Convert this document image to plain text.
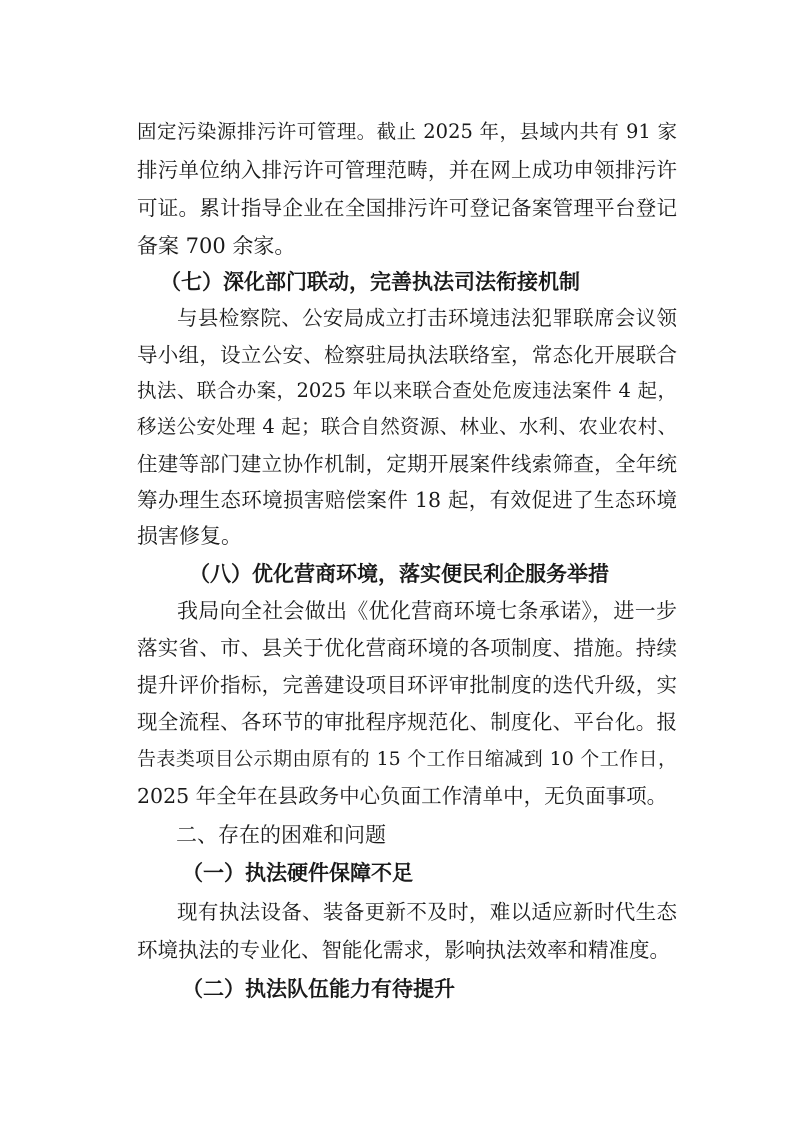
固定污染源排污许可管理。截止 2025 年，县域内共有 91 家
排污单位纳入排污许可管理范畴，并在网上成功申领排污许
可证。累计指导企业在全国排污许可登记备案管理平台登记
备案 700 余家。
（七）深化部门联动，完善执法司法衔接机制
与县检察院、公安局成立打击环境违法犯罪联席会议领
导小组，设立公安、检察驻局执法联络室，常态化开展联合
执法、联合办案，2025 年以来联合查处危废违法案件 4 起，
移送公安处理 4 起；联合自然资源、林业、水利、农业农村、
住建等部门建立协作机制，定期开展案件线索筛查，全年统
筹办理生态环境损害赔偿案件 18 起，有效促进了生态环境
损害修复。
（八）优化营商环境，落实便民利企服务举措
我局向全社会做出《优化营商环境七条承诺》，进一步
落实省、市、县关于优化营商环境的各项制度、措施。持续
提升评价指标，完善建设项目环评审批制度的迭代升级，实
现全流程、各环节的审批程序规范化、制度化、平台化。报
告表类项目公示期由原有的 15 个工作日缩减到 10 个工作日，
2025 年全年在县政务中心负面工作清单中，无负面事项。
二、存在的困难和问题
（一）执法硬件保障不足
现有执法设备、装备更新不及时，难以适应新时代生态
环境执法的专业化、智能化需求，影响执法效率和精准度。
（二）执法队伍能力有待提升
